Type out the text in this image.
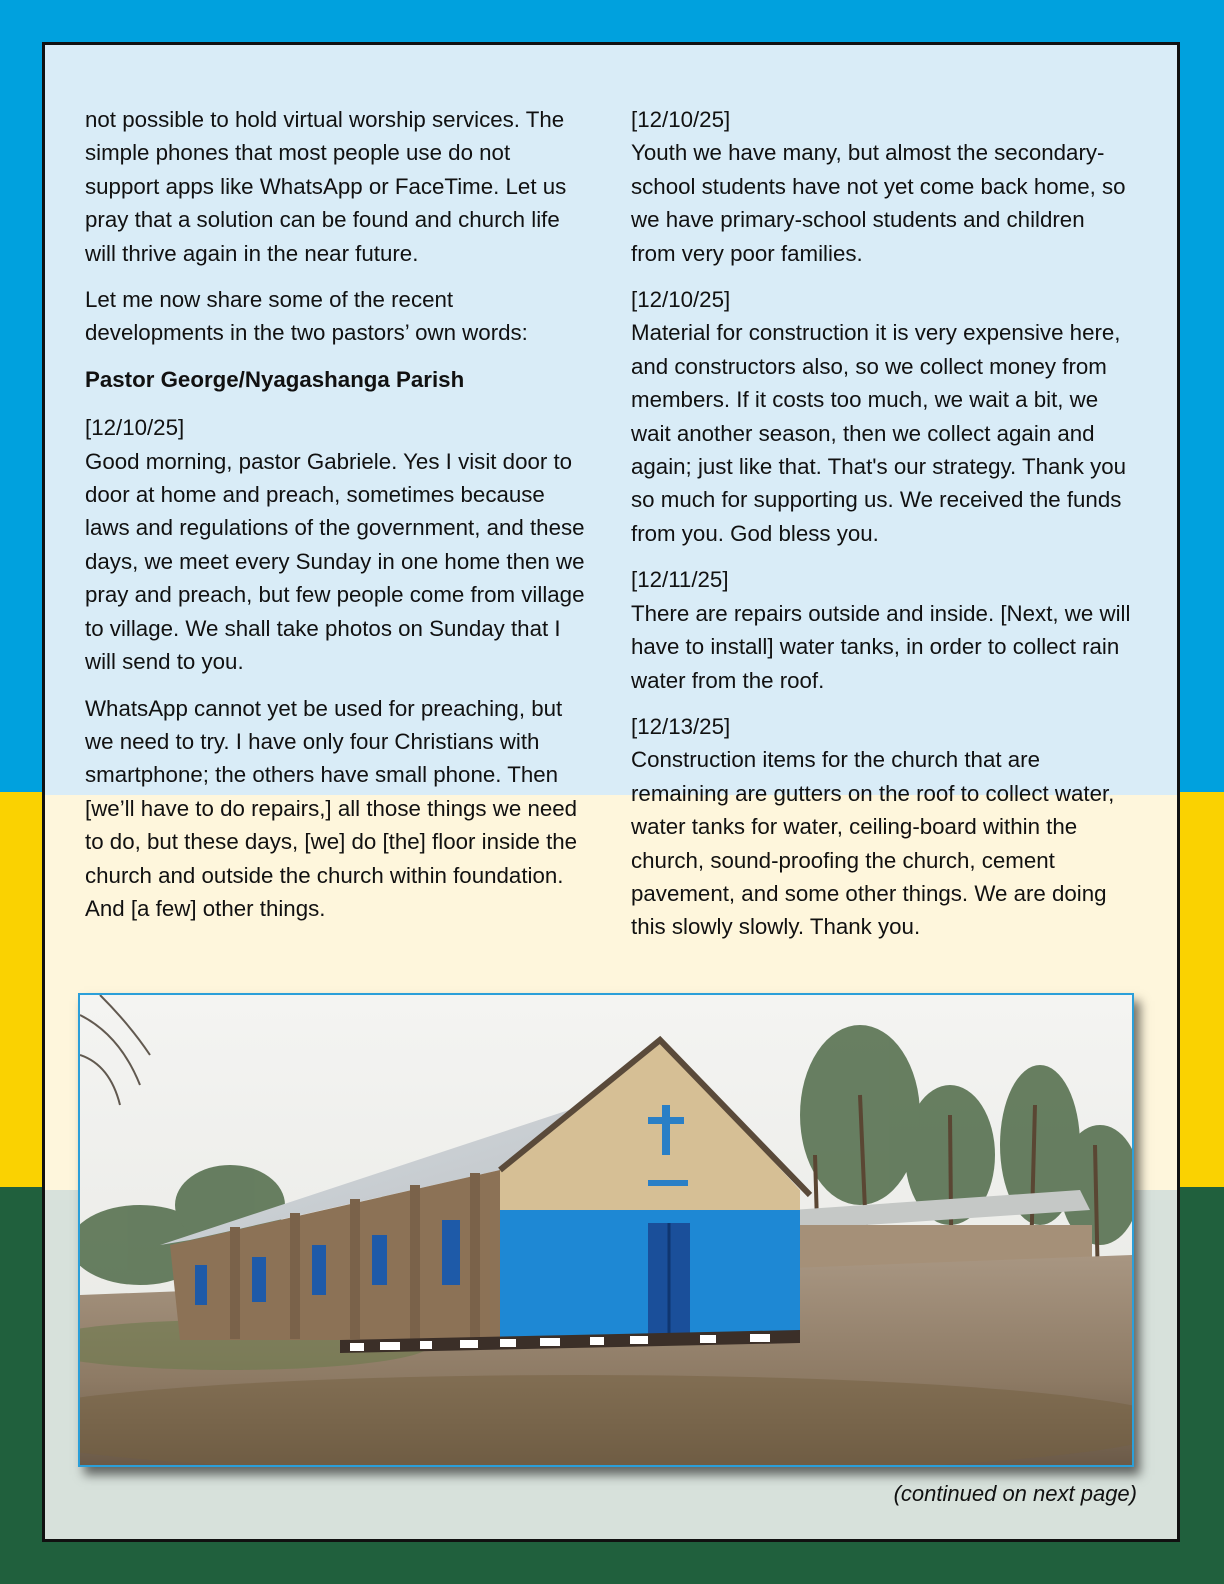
not possible to hold virtual worship services. The simple phones that most people use do not support apps like WhatsApp or FaceTime. Let us pray that a solution can be found and church life will thrive again in the near future.

Let me now share some of the recent developments in the two pastors’ own words:

Pastor George/Nyagashanga Parish

[12/10/25]
Good morning, pastor Gabriele. Yes I visit door to door at home and preach, sometimes because laws and regulations of the government, and these days, we meet every Sunday in one home then we pray and preach, but few people come from village to village. We shall take photos on Sunday that I will send to you.

WhatsApp cannot yet be used for preaching, but we need to try. I have only four Christians with smartphone; the others have small phone. Then [we’ll have to do repairs,] all those things we need to do, but these days, [we] do [the] floor inside the church and outside the church within foundation. And [a few] other things.

[12/10/25]
Youth we have many, but almost the secondary-school students have not yet come back home, so we have primary-school students and children from very poor families.

[12/10/25]
Material for construction it is very expensive here, and constructors also, so we collect money from members. If it costs too much, we wait a bit, we wait another season, then we collect again and again; just like that. That's our strategy. Thank you so much for supporting us. We received the funds from you. God bless you.

[12/11/25]
There are repairs outside and inside. [Next, we will have to install] water tanks, in order to collect rain water from the roof.

[12/13/25]
Construction items for the church that are remaining are gutters on the roof to collect water, water tanks for water, ceiling-board within the church, sound-proofing the church, cement pavement, and some other things. We are doing this slowly slowly. Thank you.

(continued on next page)
